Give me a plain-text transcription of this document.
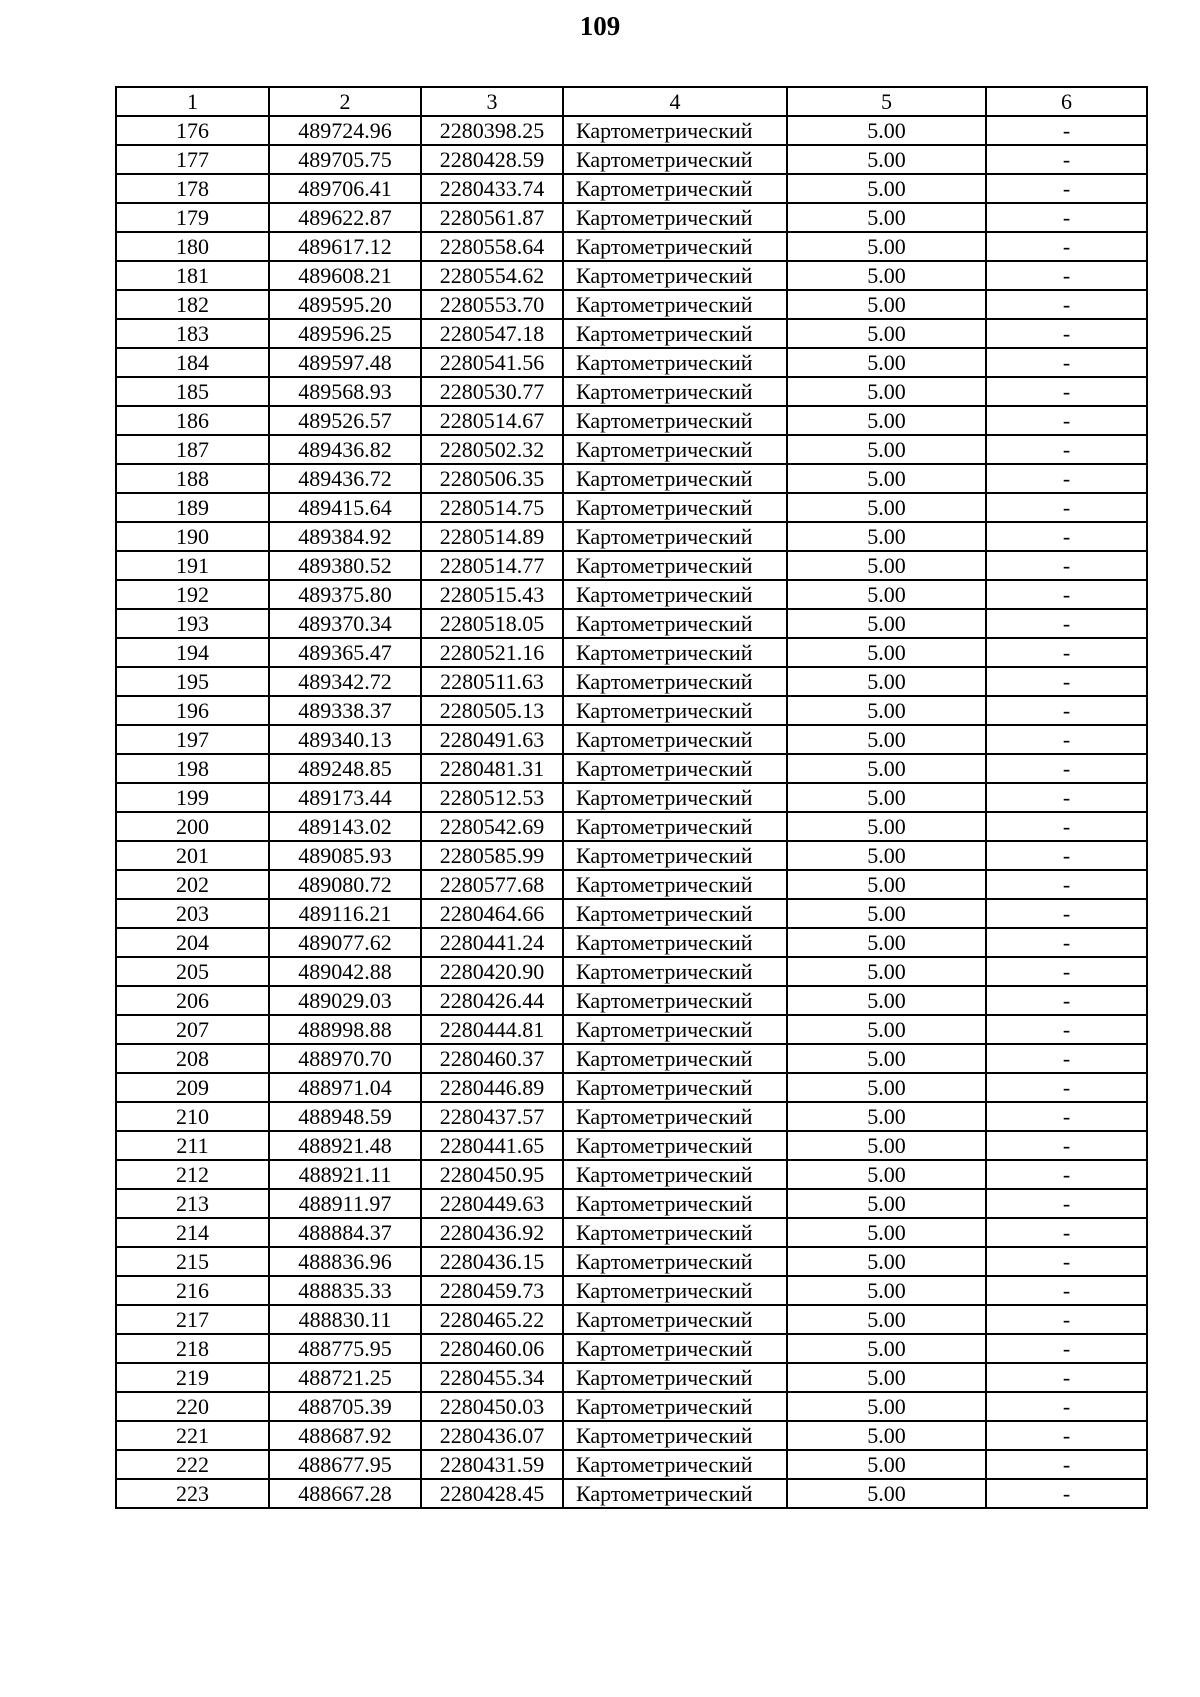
109
1	2	3	4	5	6
176	489724.96	2280398.25	Картометрический	5.00	-
177	489705.75	2280428.59	Картометрический	5.00	-
178	489706.41	2280433.74	Картометрический	5.00	-
179	489622.87	2280561.87	Картометрический	5.00	-
180	489617.12	2280558.64	Картометрический	5.00	-
181	489608.21	2280554.62	Картометрический	5.00	-
182	489595.20	2280553.70	Картометрический	5.00	-
183	489596.25	2280547.18	Картометрический	5.00	-
184	489597.48	2280541.56	Картометрический	5.00	-
185	489568.93	2280530.77	Картометрический	5.00	-
186	489526.57	2280514.67	Картометрический	5.00	-
187	489436.82	2280502.32	Картометрический	5.00	-
188	489436.72	2280506.35	Картометрический	5.00	-
189	489415.64	2280514.75	Картометрический	5.00	-
190	489384.92	2280514.89	Картометрический	5.00	-
191	489380.52	2280514.77	Картометрический	5.00	-
192	489375.80	2280515.43	Картометрический	5.00	-
193	489370.34	2280518.05	Картометрический	5.00	-
194	489365.47	2280521.16	Картометрический	5.00	-
195	489342.72	2280511.63	Картометрический	5.00	-
196	489338.37	2280505.13	Картометрический	5.00	-
197	489340.13	2280491.63	Картометрический	5.00	-
198	489248.85	2280481.31	Картометрический	5.00	-
199	489173.44	2280512.53	Картометрический	5.00	-
200	489143.02	2280542.69	Картометрический	5.00	-
201	489085.93	2280585.99	Картометрический	5.00	-
202	489080.72	2280577.68	Картометрический	5.00	-
203	489116.21	2280464.66	Картометрический	5.00	-
204	489077.62	2280441.24	Картометрический	5.00	-
205	489042.88	2280420.90	Картометрический	5.00	-
206	489029.03	2280426.44	Картометрический	5.00	-
207	488998.88	2280444.81	Картометрический	5.00	-
208	488970.70	2280460.37	Картометрический	5.00	-
209	488971.04	2280446.89	Картометрический	5.00	-
210	488948.59	2280437.57	Картометрический	5.00	-
211	488921.48	2280441.65	Картометрический	5.00	-
212	488921.11	2280450.95	Картометрический	5.00	-
213	488911.97	2280449.63	Картометрический	5.00	-
214	488884.37	2280436.92	Картометрический	5.00	-
215	488836.96	2280436.15	Картометрический	5.00	-
216	488835.33	2280459.73	Картометрический	5.00	-
217	488830.11	2280465.22	Картометрический	5.00	-
218	488775.95	2280460.06	Картометрический	5.00	-
219	488721.25	2280455.34	Картометрический	5.00	-
220	488705.39	2280450.03	Картометрический	5.00	-
221	488687.92	2280436.07	Картометрический	5.00	-
222	488677.95	2280431.59	Картометрический	5.00	-
223	488667.28	2280428.45	Картометрический	5.00	-
